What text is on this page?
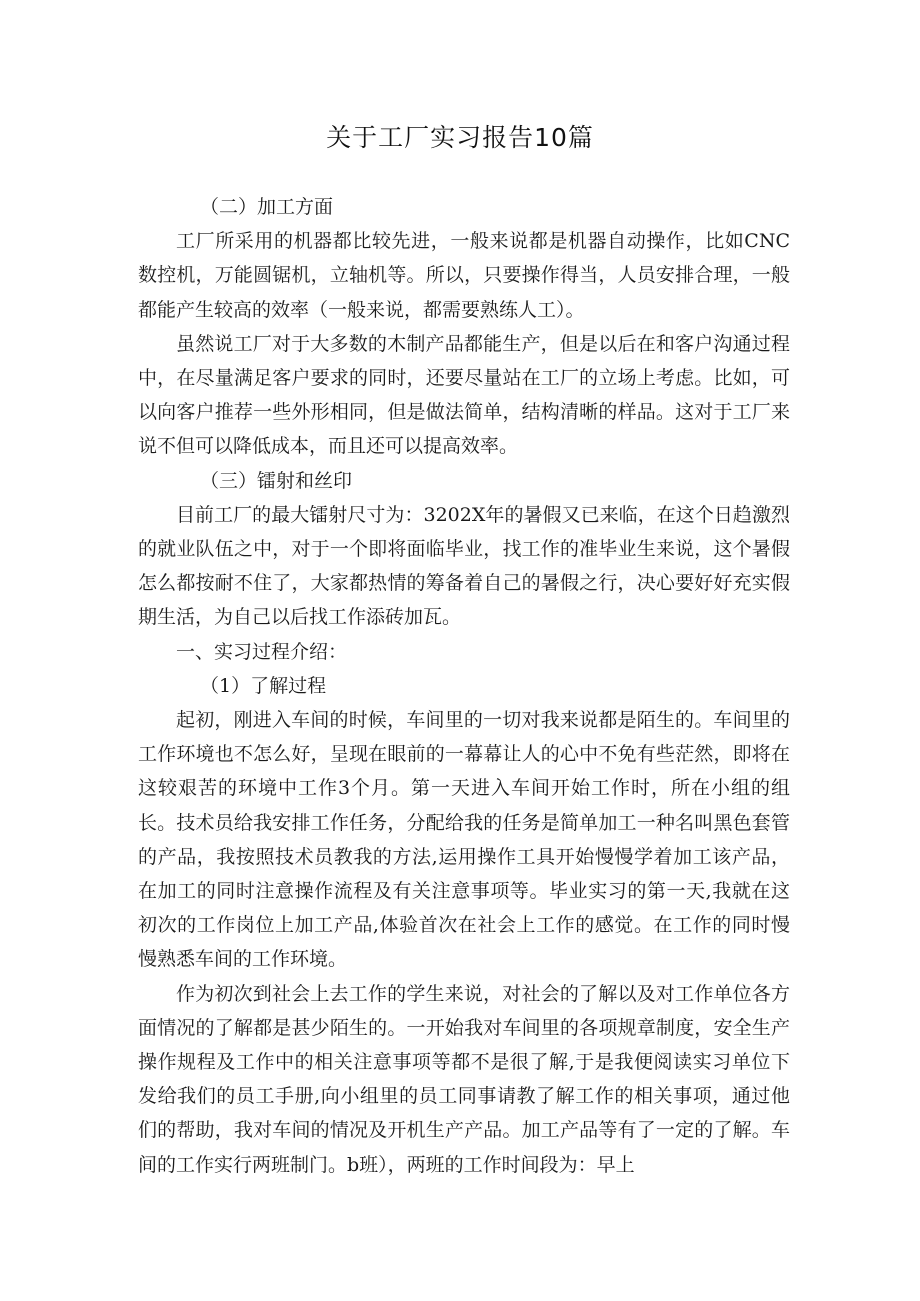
关于工厂实习报告10篇

（二）加工方面

工厂所采用的机器都比较先进，一般来说都是机器自动操作，比如CNC数控机，万能圆锯机，立轴机等。所以，只要操作得当，人员安排合理，一般都能产生较高的效率（一般来说，都需要熟练人工）。

虽然说工厂对于大多数的木制产品都能生产，但是以后在和客户沟通过程中，在尽量满足客户要求的同时，还要尽量站在工厂的立场上考虑。比如，可以向客户推荐一些外形相同，但是做法简单，结构清晰的样品。这对于工厂来说不但可以降低成本，而且还可以提高效率。

（三）镭射和丝印

目前工厂的最大镭射尺寸为：3202X年的暑假又已来临，在这个日趋激烈的就业队伍之中，对于一个即将面临毕业，找工作的准毕业生来说，这个暑假怎么都按耐不住了，大家都热情的筹备着自己的暑假之行，决心要好好充实假期生活，为自己以后找工作添砖加瓦。

一、实习过程介绍：

（1）了解过程

起初，刚进入车间的时候，车间里的一切对我来说都是陌生的。车间里的工作环境也不怎么好，呈现在眼前的一幕幕让人的心中不免有些茫然，即将在这较艰苦的环境中工作3个月。第一天进入车间开始工作时，所在小组的组长。技术员给我安排工作任务，分配给我的任务是简单加工一种名叫黑色套管的产品，我按照技术员教我的方法,运用操作工具开始慢慢学着加工该产品，在加工的同时注意操作流程及有关注意事项等。毕业实习的第一天,我就在这初次的工作岗位上加工产品,体验首次在社会上工作的感觉。在工作的同时慢慢熟悉车间的工作环境。

作为初次到社会上去工作的学生来说，对社会的了解以及对工作单位各方面情况的了解都是甚少陌生的。一开始我对车间里的各项规章制度，安全生产操作规程及工作中的相关注意事项等都不是很了解,于是我便阅读实习单位下发给我们的员工手册,向小组里的员工同事请教了解工作的相关事项，通过他们的帮助，我对车间的情况及开机生产产品。加工产品等有了一定的了解。车间的工作实行两班制门。b班），两班的工作时间段为：早上
